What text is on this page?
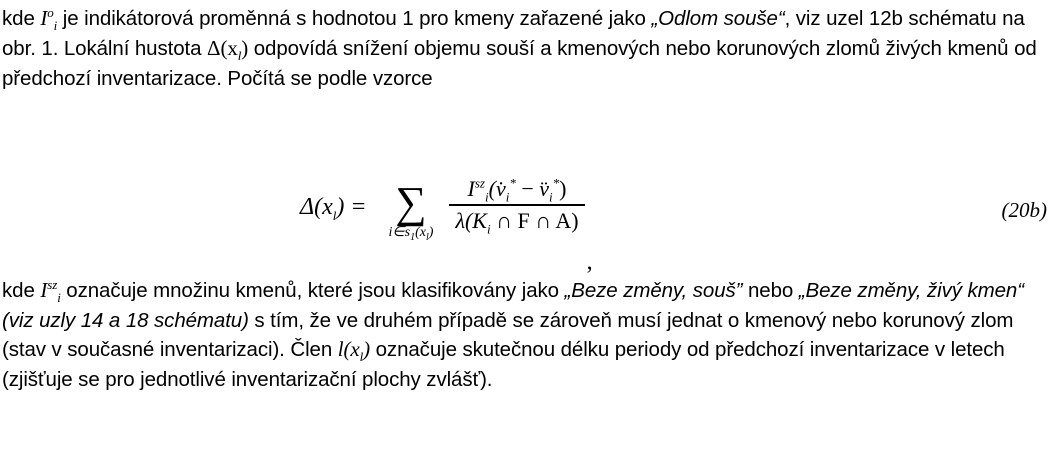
kde $I^o_i$ je indikátorová proměnná s hodnotou 1 pro kmeny zařazené jako „Odlom souše“, viz uzel 12b schématu na obr. 1. Lokální hustota $\Delta(x_l)$ odpovídá snížení objemu souší a kmenových nebo korunových zlomů živých kmenů od předchozí inventarizace. Počítá se podle vzorce
$\Delta(x_l)$ = ∑
$i\in s_1(x_l) \frac{I^{sz}_i(v̇_i^* - v̈_i^*)}{\lambda(K_i \cap F \cap A)}$
,
(20b)
kde $I^{sz}_i$ označuje množinu kmenů, které jsou klasifikovány jako „Beze změny, souš” nebo „Beze změny, živý kmen“ (viz uzly 14 a 18 schématu) s tím, že ve druhém případě se zároveň musí jednat o kmenový nebo korunový zlom (stav v současné inventarizaci). Člen $l(x_l)$ označuje skutečnou délku periody od předchozí inventarizace v letech (zjišťuje se pro jednotlivé inventarizační plochy zvlášť).
